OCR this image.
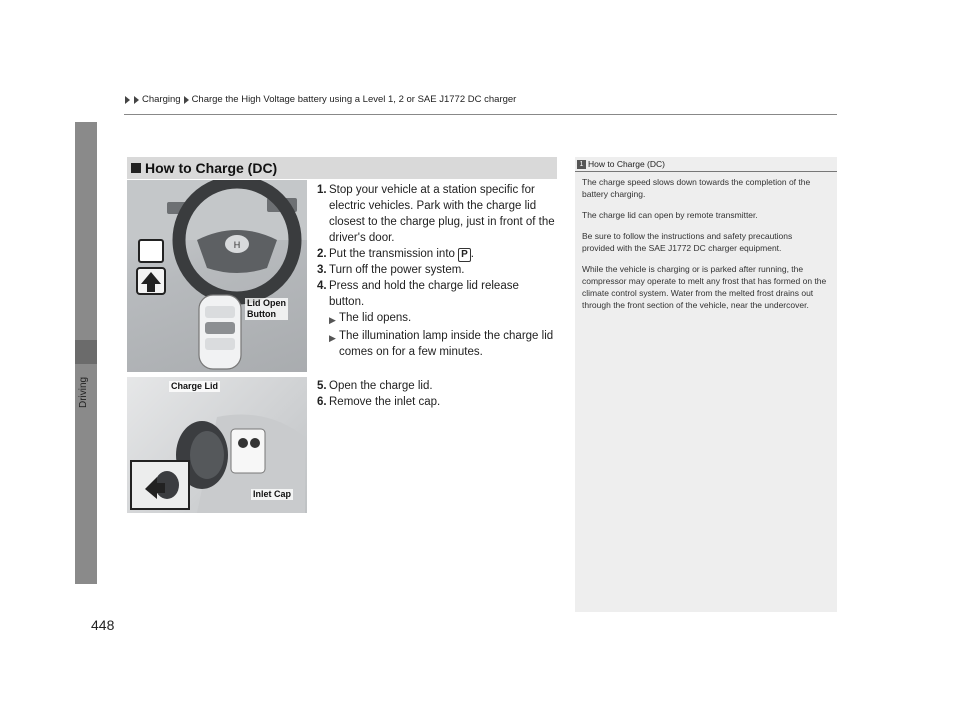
Charging Charge the High Voltage battery using a Level 1, 2 or SAE J1772 DC charger
Driving
448
How to Charge (DC)
H
Lid Open
Button
Charge Lid
Inlet Cap
1. Stop your vehicle at a station specific for electric vehicles. Park with the charge lid closest to the charge plug, just in front of the driver's door.
2. Put the transmission into P .
3. Turn off the power system.
4. Press and hold the charge lid release button.
▶ The lid opens.
▶ The illumination lamp inside the charge lid comes on for a few minutes.
5. Open the charge lid.
6. Remove the inlet cap.
1 How to Charge (DC)

The charge speed slows down towards the completion of the battery charging.

The charge lid can open by remote transmitter.

Be sure to follow the instructions and safety precautions provided with the SAE J1772 DC charger equipment.

While the vehicle is charging or is parked after running, the compressor may operate to melt any frost that has formed on the climate control system. Water from the melted frost drains out through the front section of the vehicle, near the undercover.
